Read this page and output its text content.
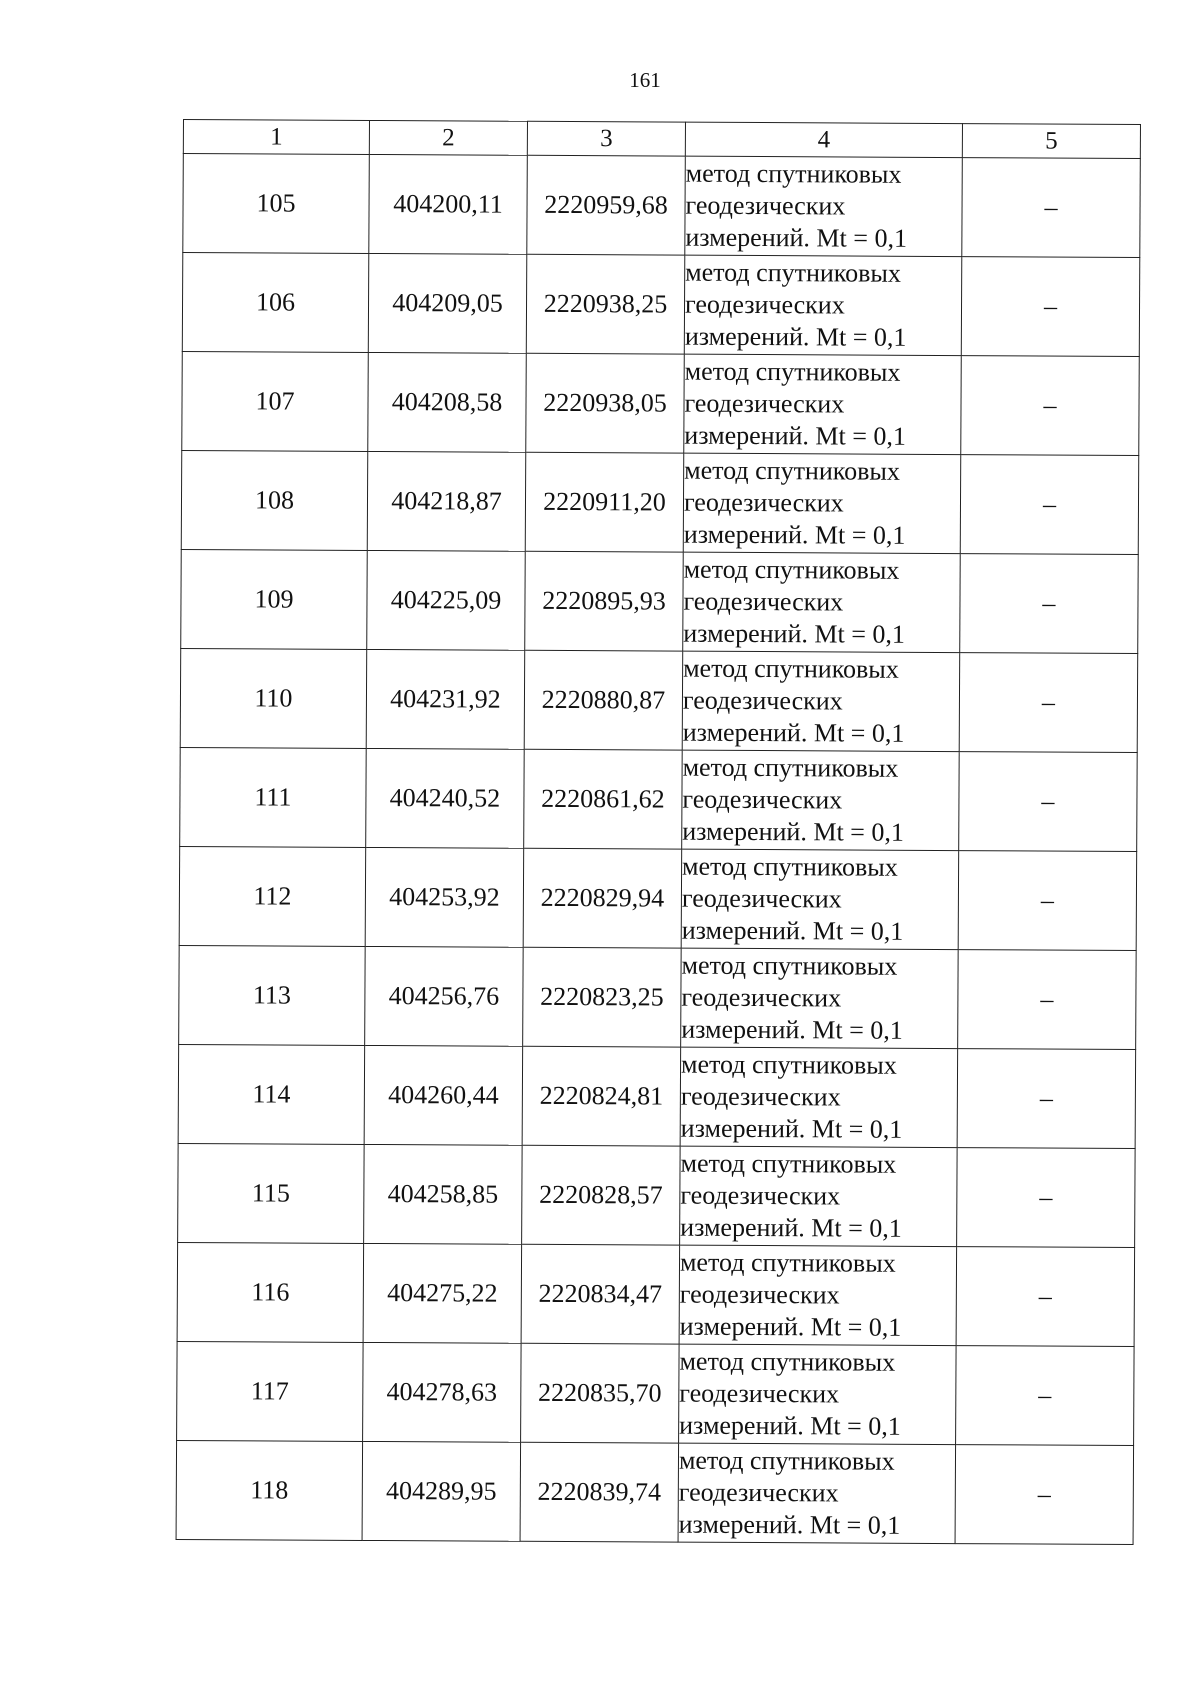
161
1	2	3	4	5
105	404200,11	2220959,68	метод спутниковых
геодезических
измерений. Mt = 0,1	–
106	404209,05	2220938,25	метод спутниковых
геодезических
измерений. Mt = 0,1	–
107	404208,58	2220938,05	метод спутниковых
геодезических
измерений. Mt = 0,1	–
108	404218,87	2220911,20	метод спутниковых
геодезических
измерений. Mt = 0,1	–
109	404225,09	2220895,93	метод спутниковых
геодезических
измерений. Mt = 0,1	–
110	404231,92	2220880,87	метод спутниковых
геодезических
измерений. Mt = 0,1	–
111	404240,52	2220861,62	метод спутниковых
геодезических
измерений. Mt = 0,1	–
112	404253,92	2220829,94	метод спутниковых
геодезических
измерений. Mt = 0,1	–
113	404256,76	2220823,25	метод спутниковых
геодезических
измерений. Mt = 0,1	–
114	404260,44	2220824,81	метод спутниковых
геодезических
измерений. Mt = 0,1	–
115	404258,85	2220828,57	метод спутниковых
геодезических
измерений. Mt = 0,1	–
116	404275,22	2220834,47	метод спутниковых
геодезических
измерений. Mt = 0,1	–
117	404278,63	2220835,70	метод спутниковых
геодезических
измерений. Mt = 0,1	–
118	404289,95	2220839,74	метод спутниковых
геодезических
измерений. Mt = 0,1	–
